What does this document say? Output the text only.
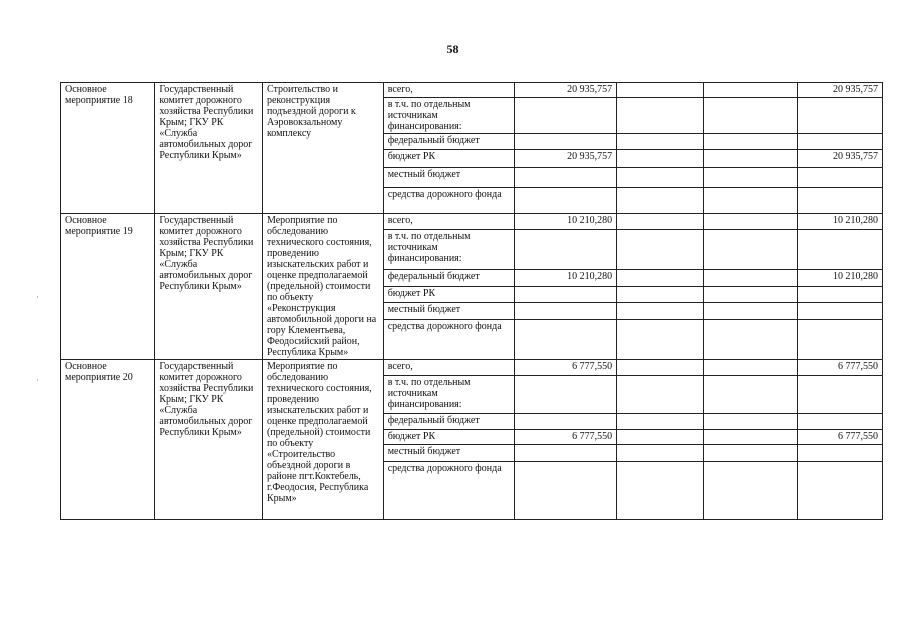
58
Основное мероприятие 18	Государственный комитет дорожного хозяйства Республики Крым; ГКУ РК «Служба автомобильных дорог Республики Крым»	Строительство и реконструкция подъездной дороги к Аэровокзальному комплексу	всего,	20 935,757			20 935,757
			в т.ч. по отдельным источникам финансирования:				
			федеральный бюджет				
			бюджет РК	20 935,757			20 935,757
			местный бюджет				
			средства дорожного фонда				
Основное мероприятие 19	Государственный комитет дорожного хозяйства Республики Крым; ГКУ РК «Служба автомобильных дорог Республики Крым»	Мероприятие по обследованию технического состояния, проведению изыскательских работ и оценке предполагаемой (предельной) стоимости по объекту «Реконструкция автомобильной дороги на гору Клементьева, Феодосийский район, Республика Крым»	всего,	10 210,280			10 210,280
			в т.ч. по отдельным источникам финансирования:				
			федеральный бюджет	10 210,280			10 210,280
			бюджет РК				
			местный бюджет				
			средства дорожного фонда				
Основное мероприятие 20	Государственный комитет дорожного хозяйства Республики Крым; ГКУ РК «Служба автомобильных дорог Республики Крым»	Мероприятие по обследованию технического состояния, проведению изыскательских работ и оценке предполагаемой (предельной) стоимости по объекту «Строительство объездной дороги в районе пгт.Коктебель, г.Феодосия, Республика Крым»	всего,	6 777,550			6 777,550
			в т.ч. по отдельным источникам финансирования:				
			федеральный бюджет				
			бюджет РК	6 777,550			6 777,550
			местный бюджет				
			средства дорожного фонда				
·
·
